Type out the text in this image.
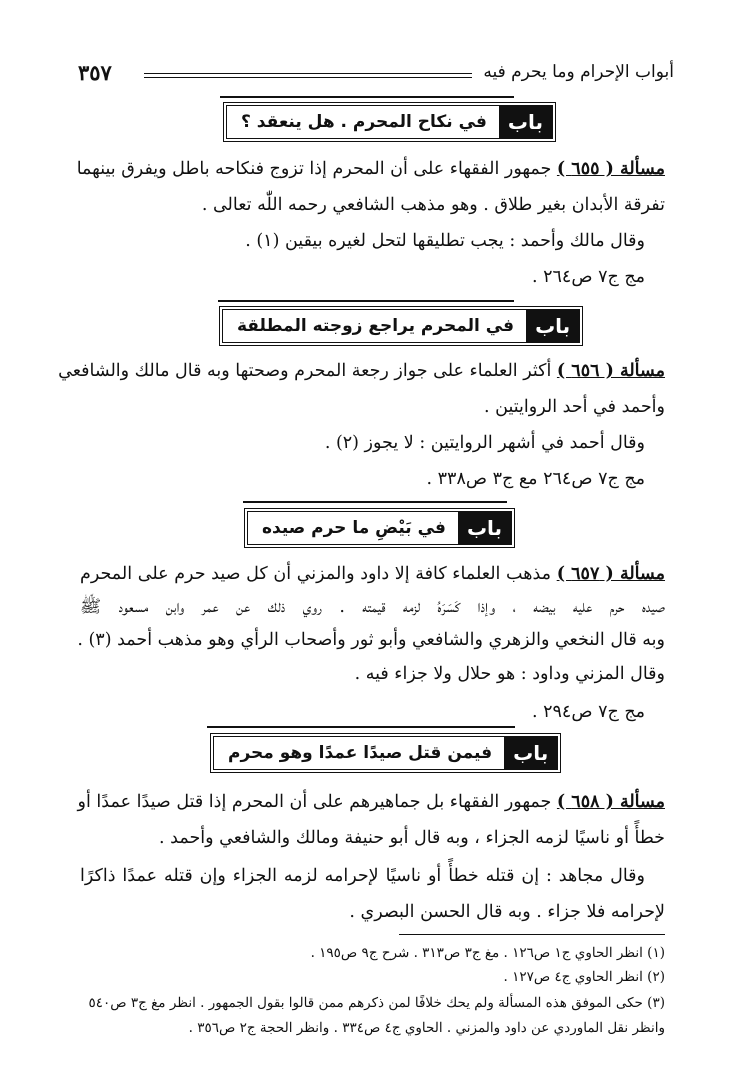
أبواب الإحرام وما يحرم فيه
٣٥٧
باب
في نكاح المحرم . هل ينعقد ؟
مسألة ( ٦٥٥ ) جمهور الفقهاء على أن المحرم إذا تزوج فنكاحه باطل ويفرق بينهما
تفرقة الأبدان بغير طلاق . وهو مذهب الشافعي رحمه اللّٰه تعالى .
وقال مالك وأحمد : يجب تطليقها لتحل لغيره بيقين (١) .
مج ج٧ ص٢٦٤ .
باب
في المحرم يراجع زوجته المطلقة
مسألة ( ٦٥٦ ) أكثر العلماء على جواز رجعة المحرم وصحتها وبه قال مالك والشافعي
وأحمد في أحد الروايتين .
وقال أحمد في أشهر الروايتين : لا يجوز (٢) .
مج ج٧ ص٢٦٤ مع ج٣ ص٣٣٨ .
باب
في بَيْضِ ما حرم صيده
مسألة ( ٦٥٧ ) مذهب العلماء كافة إلا داود والمزني أن كل صيد حرم على المحرم
صيده حرم عليه بيضه ، وإذا كَسَرَهُ لزمه قيمته . روي ذلك عن عمر وابن مسعود ﷺ
وبه قال النخعي والزهري والشافعي وأبو ثور وأصحاب الرأي وهو مذهب أحمد (٣) .
وقال المزني وداود : هو حلال ولا جزاء فيه .
مج ج٧ ص٢٩٤ .
باب
فيمن قتل صيدًا عمدًا وهو محرم
مسألة ( ٦٥٨ ) جمهور الفقهاء بل جماهيرهم على أن المحرم إذا قتل صيدًا عمدًا أو
خطأً أو ناسيًا لزمه الجزاء ، وبه قال أبو حنيفة ومالك والشافعي وأحمد .
وقال مجاهد : إن قتله خطأً أو ناسيًا لإحرامه لزمه الجزاء وإن قتله عمدًا ذاكرًا
لإحرامه فلا جزاء . وبه قال الحسن البصري .
(١) انظر الحاوي ج١ ص١٢٦ . مغ ج٣ ص٣١٣ . شرح ج٩ ص١٩٥ .
(٢) انظر الحاوي ج٤ ص١٢٧ .
(٣) حكى الموفق هذه المسألة ولم يحك خلافًا لمن ذكرهم ممن قالوا بقول الجمهور . انظر مغ ج٣ ص٥٤٠
وانظر نقل الماوردي عن داود والمزني . الحاوي ج٤ ص٣٣٤ . وانظر الحجة ج٢ ص٣٥٦ .
